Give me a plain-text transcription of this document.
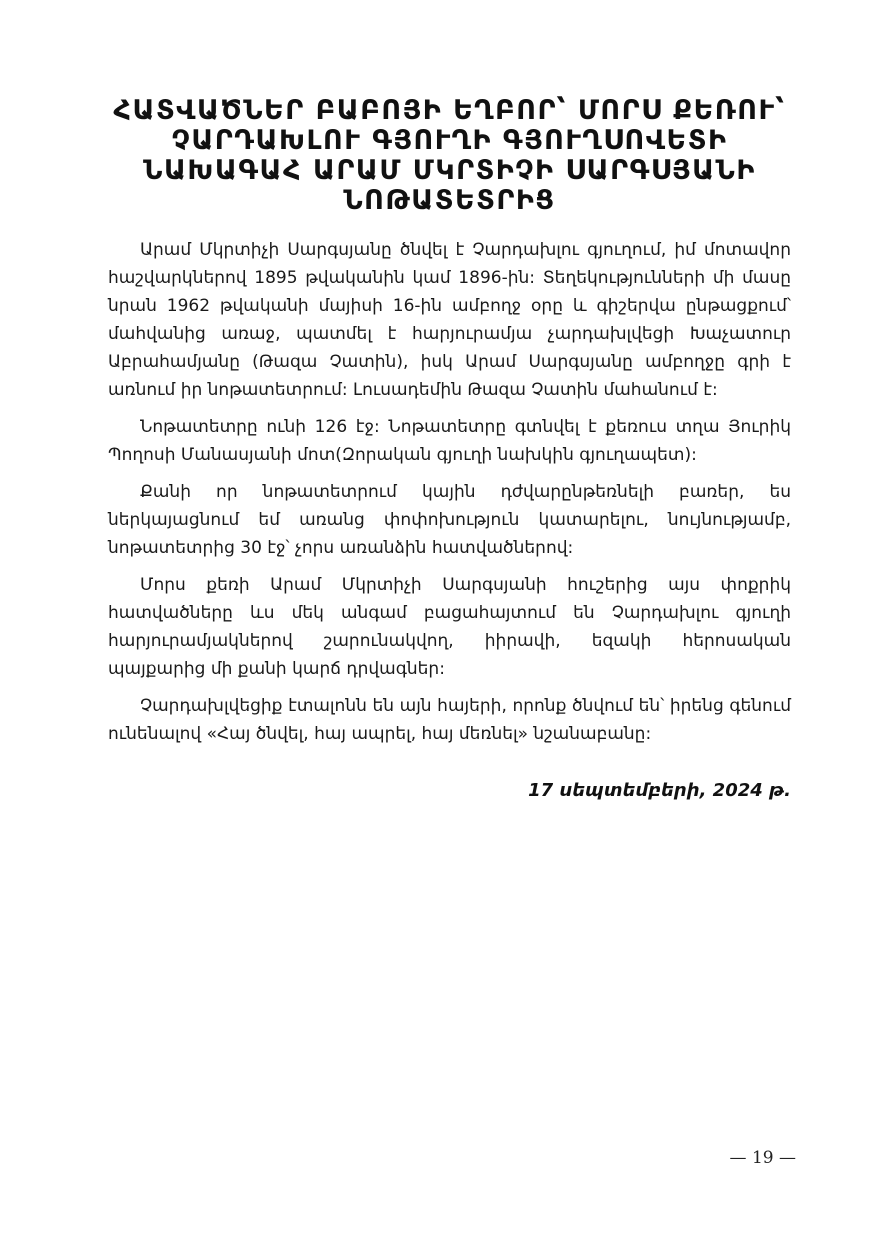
ՀԱՏՎԱԾՆԵՐ ԲԱԲՈՅԻ ԵՂԲՈՐ՝ ՄՈՐՍ ՔԵՌՈՒ՝
ՉԱՐԴԱԽԼՈՒ ԳՅՈՒՂԻ ԳՅՈՒՂՍՈՎԵՏԻ
ՆԱԽԱԳԱՀ ԱՐԱՄ ՄԿՐՏԻՉԻ ՍԱՐԳՍՅԱՆԻ
ՆՈԹԱՏԵՏՐԻՑ

Արամ Մկրտիչի Սարգսյանը ծնվել է Չարդախլու գյուղում, իմ մոտավոր հաշվարկներով 1895 թվականին կամ 1896-ին: Տեղեկությունների մի մասը նրան 1962 թվականի մայիսի 16-ին ամբողջ օրը և գիշերվա ընթացքում՝ մահվանից առաջ, պատմել է հարյուրամյա չարդախլվեցի Խաչատուր Աբրահամյանը (Թազա Չատին), իսկ Արամ Սարգսյանը ամբողջը գրի է առնում իր նոթատետրում: Լուսադեմին Թազա Չատին մահանում է:

Նոթատետրը ունի 126 էջ: Նոթատետրը գտնվել է քեռուս տղա Յուրիկ Պողոսի Մանասյանի մոտ(Զորական գյուղի նախկին գյուղապետ):

Քանի որ նոթատետրում կային դժվարընթեռնելի բառեր, ես ներկայացնում եմ առանց փոփոխություն կատարելու, նույնությամբ, նոթատետրից 30 էջ՝ չորս առանձին հատվածներով:

Մորս քեռի Արամ Մկրտիչի Սարգսյանի հուշերից այս փոքրիկ հատվածները ևս մեկ անգամ բացահայտում են Չարդախլու գյուղի հարյուրամյակներով շարունակվող, իիրավի, եզակի հերոսական պայքարից մի քանի կարճ դրվագներ:

Չարդախլվեցիք էտալոնն են այն հայերի, որոնք ծնվում են՝ իրենց գենում ունենալով «Հայ ծնվել, հայ ապրել, հայ մեռնել» նշանաբանը:

17 սեպտեմբերի, 2024 թ.
— 19 —
